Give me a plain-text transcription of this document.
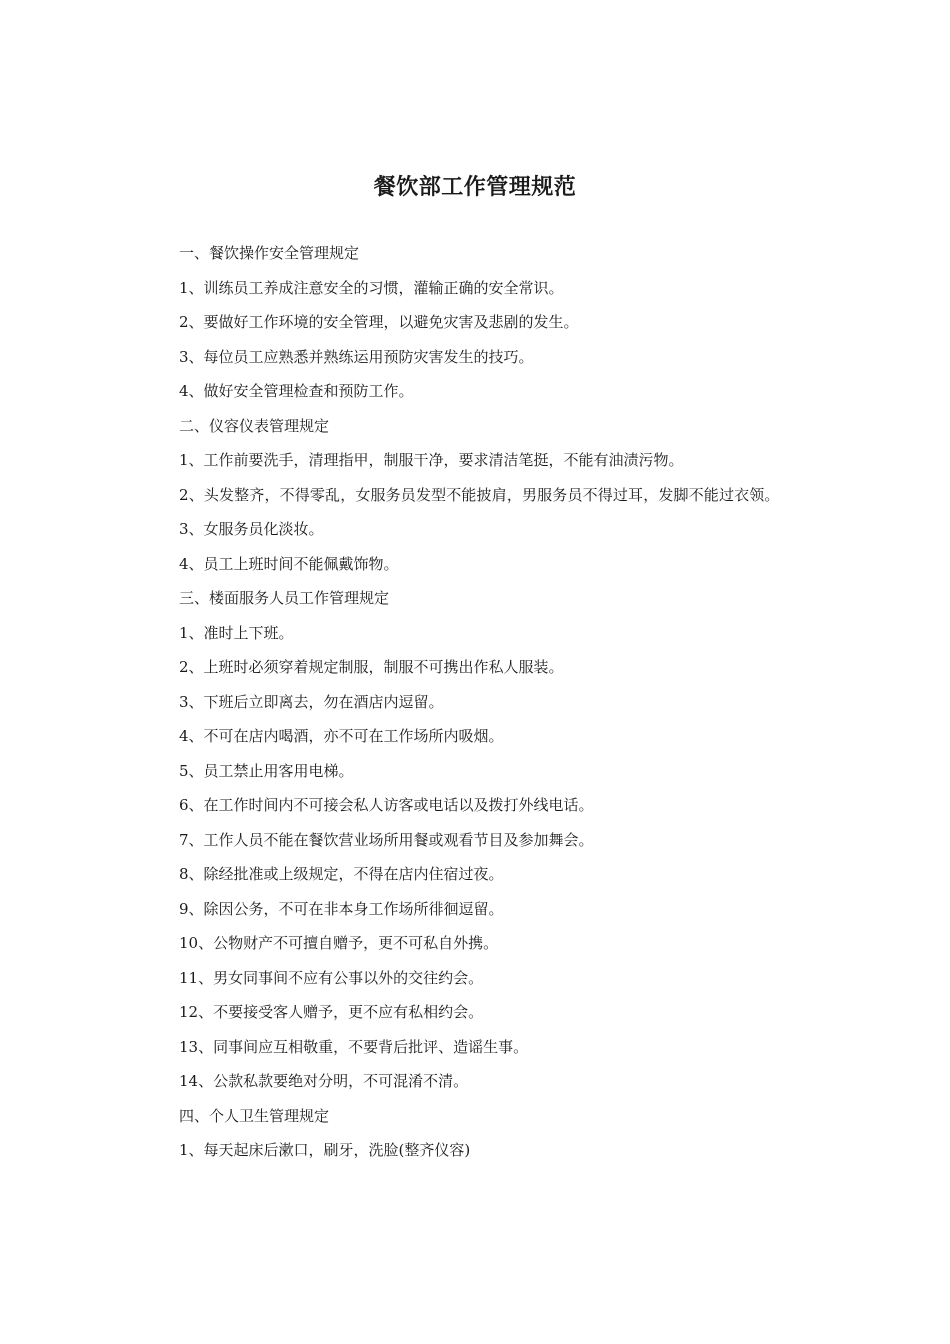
餐饮部工作管理规范

一、餐饮操作安全管理规定

1、训练员工养成注意安全的习惯，灌输正确的安全常识。

2、要做好工作环境的安全管理，以避免灾害及悲剧的发生。

3、每位员工应熟悉并熟练运用预防灾害发生的技巧。

4、做好安全管理检查和预防工作。

二、仪容仪表管理规定

1、工作前要洗手，清理指甲，制服干净，要求清洁笔挺，不能有油渍污物。

2、头发整齐，不得零乱，女服务员发型不能披肩，男服务员不得过耳，发脚不能过衣领。

3、女服务员化淡妆。

4、员工上班时间不能佩戴饰物。

三、楼面服务人员工作管理规定

1、准时上下班。

2、上班时必须穿着规定制服，制服不可携出作私人服装。

3、下班后立即离去，勿在酒店内逗留。

4、不可在店内喝酒，亦不可在工作场所内吸烟。

5、员工禁止用客用电梯。

6、在工作时间内不可接会私人访客或电话以及拨打外线电话。

7、工作人员不能在餐饮营业场所用餐或观看节目及参加舞会。

8、除经批准或上级规定，不得在店内住宿过夜。

9、除因公务，不可在非本身工作场所徘徊逗留。

10、公物财产不可擅自赠予，更不可私自外携。

11、男女同事间不应有公事以外的交往约会。

12、不要接受客人赠予，更不应有私相约会。

13、同事间应互相敬重，不要背后批评、造谣生事。

14、公款私款要绝对分明，不可混淆不清。

四、个人卫生管理规定

1、每天起床后漱口，刷牙，洗脸(整齐仪容)
